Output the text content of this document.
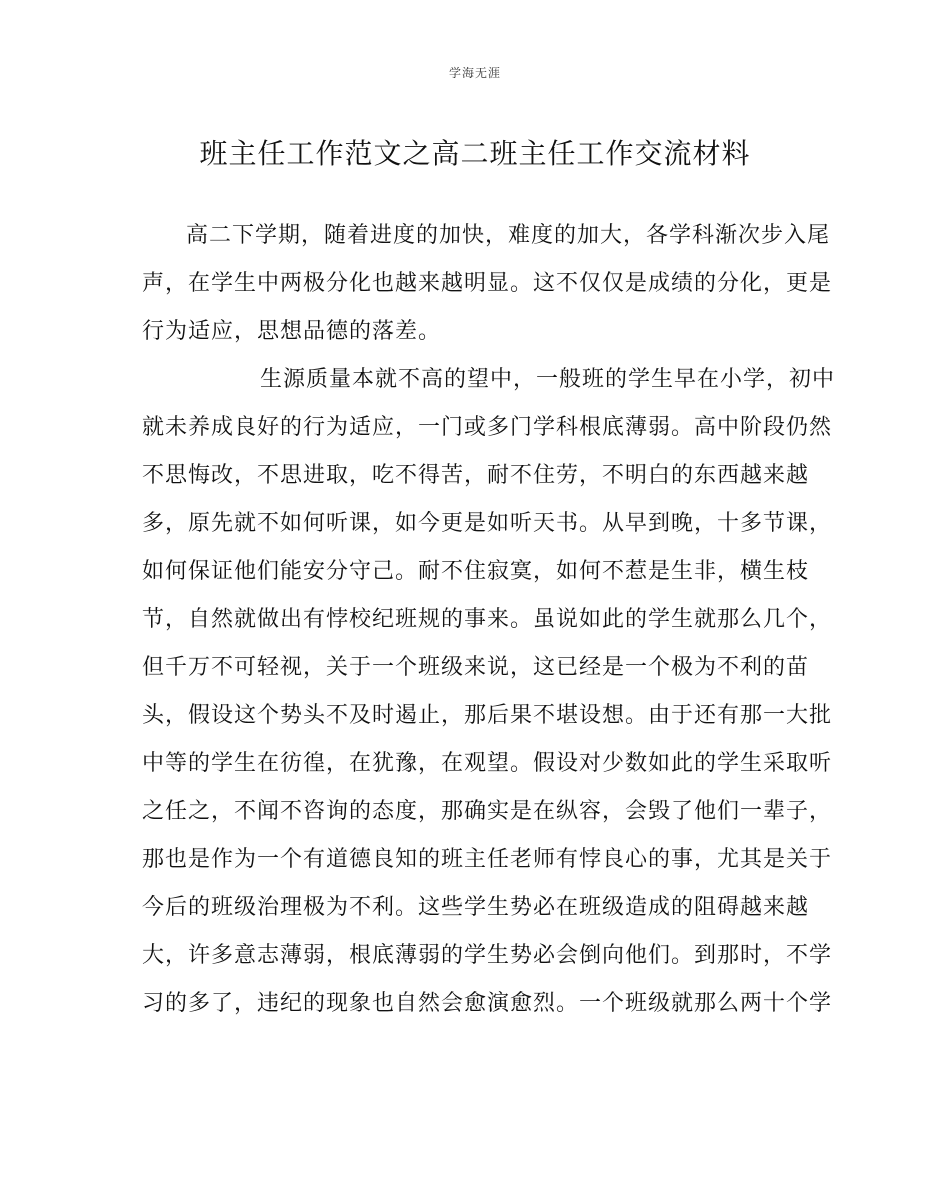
学海无涯
班主任工作范文之高二班主任工作交流材料
高二下学期，随着进度的加快，难度的加大，各学科渐次步入尾
声，在学生中两极分化也越来越明显。这不仅仅是成绩的分化，更是
行为适应，思想品德的落差。
生源质量本就不高的望中，一般班的学生早在小学，初中
就未养成良好的行为适应，一门或多门学科根底薄弱。高中阶段仍然
不思悔改，不思进取，吃不得苦，耐不住劳，不明白的东西越来越
多，原先就不如何听课，如今更是如听天书。从早到晚，十多节课，
如何保证他们能安分守己。耐不住寂寞，如何不惹是生非，横生枝
节，自然就做出有悖校纪班规的事来。虽说如此的学生就那么几个，
但千万不可轻视，关于一个班级来说，这已经是一个极为不利的苗
头，假设这个势头不及时遏止，那后果不堪设想。由于还有那一大批
中等的学生在彷徨，在犹豫，在观望。假设对少数如此的学生采取听
之任之，不闻不咨询的态度，那确实是在纵容，会毁了他们一辈子，
那也是作为一个有道德良知的班主任老师有悖良心的事，尤其是关于
今后的班级治理极为不利。这些学生势必在班级造成的阻碍越来越
大，许多意志薄弱，根底薄弱的学生势必会倒向他们。到那时，不学
习的多了，违纪的现象也自然会愈演愈烈。一个班级就那么两十个学
